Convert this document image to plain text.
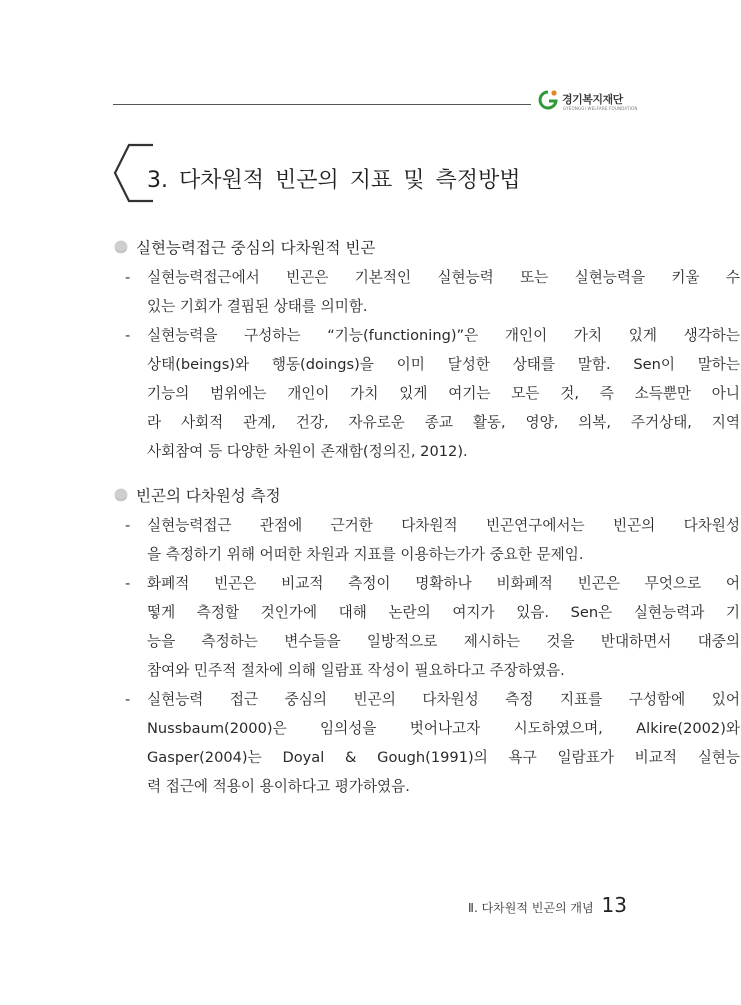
경기복지재단
GYEONGGI WELFARE FOUNDATION
3. 다차원적 빈곤의 지표 및 측정방법
실현능력접근 중심의 다차원적 빈곤
- 실현능력접근에서 빈곤은 기본적인 실현능력 또는 실현능력을 키울 수
있는 기회가 결핍된 상태를 의미함.
- 실현능력을 구성하는 “기능(functioning)”은 개인이 가치 있게 생각하는
상태(beings)와 행동(doings)을 이미 달성한 상태를 말함. Sen이 말하는
기능의 범위에는 개인이 가치 있게 여기는 모든 것, 즉 소득뿐만 아니
라 사회적 관계, 건강, 자유로운 종교 활동, 영양, 의복, 주거상태, 지역
사회참여 등 다양한 차원이 존재함(정의진, 2012).
빈곤의 다차원성 측정
- 실현능력접근 관점에 근거한 다차원적 빈곤연구에서는 빈곤의 다차원성
을 측정하기 위해 어떠한 차원과 지표를 이용하는가가 중요한 문제임.
- 화폐적 빈곤은 비교적 측정이 명확하나 비화폐적 빈곤은 무엇으로 어
떻게 측정할 것인가에 대해 논란의 여지가 있음. Sen은 실현능력과 기
능을 측정하는 변수들을 일방적으로 제시하는 것을 반대하면서 대중의
참여와 민주적 절차에 의해 일람표 작성이 필요하다고 주장하였음.
- 실현능력 접근 중심의 빈곤의 다차원성 측정 지표를 구성함에 있어
Nussbaum(2000)은 임의성을 벗어나고자 시도하였으며, Alkire(2002)와
Gasper(2004)는 Doyal & Gough(1991)의 욕구 일람표가 비교적 실현능
력 접근에 적용이 용이하다고 평가하였음.
Ⅱ. 다차원적 빈곤의 개념 13
